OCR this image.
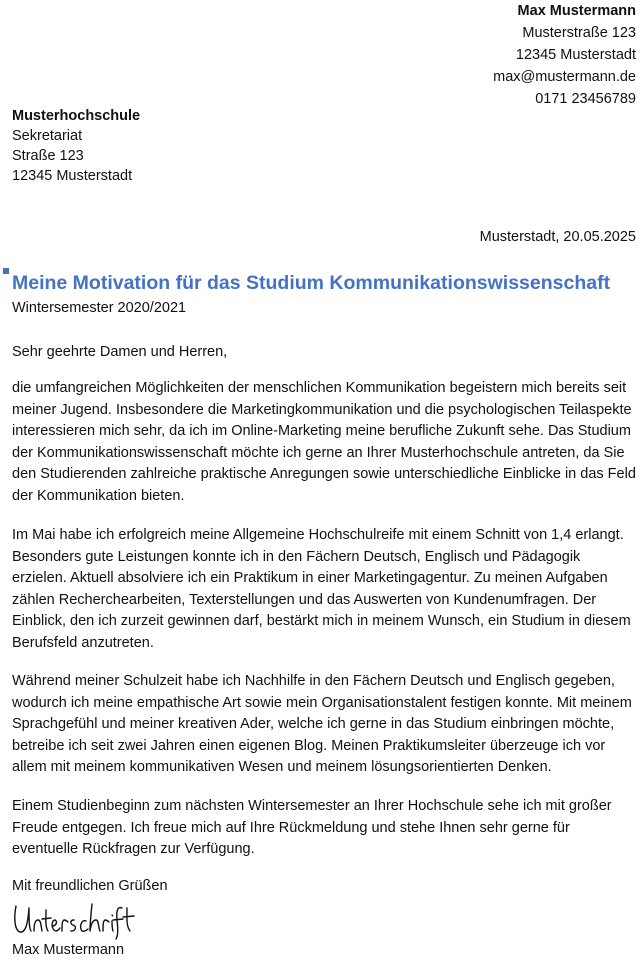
Max Mustermann
Musterstraße 123
12345 Musterstadt
max@mustermann.de
0171 23456789
Musterhochschule
Sekretariat
Straße 123
12345 Musterstadt
Musterstadt, 20.05.2025
Meine Motivation für das Studium Kommunikationswissenschaft
Wintersemester 2020/2021
Sehr geehrte Damen und Herren,
die umfangreichen Möglichkeiten der menschlichen Kommunikation begeistern mich bereits seit meiner Jugend. Insbesondere die Marketingkommunikation und die psychologischen Teilaspekte interessieren mich sehr, da ich im Online-Marketing meine berufliche Zukunft sehe. Das Studium der Kommunikationswissenschaft möchte ich gerne an Ihrer Musterhochschule antreten, da Sie den Studierenden zahlreiche praktische Anregungen sowie unterschiedliche Einblicke in das Feld der Kommunikation bieten.
Im Mai habe ich erfolgreich meine Allgemeine Hochschulreife mit einem Schnitt von 1,4 erlangt. Besonders gute Leistungen konnte ich in den Fächern Deutsch, Englisch und Pädagogik erzielen. Aktuell absolviere ich ein Praktikum in einer Marketingagentur. Zu meinen Aufgaben zählen Recherchearbeiten, Texterstellungen und das Auswerten von Kundenumfragen. Der Einblick, den ich zurzeit gewinnen darf, bestärkt mich in meinem Wunsch, ein Studium in diesem Berufsfeld anzutreten.
Während meiner Schulzeit habe ich Nachhilfe in den Fächern Deutsch und Englisch gegeben, wodurch ich meine empathische Art sowie mein Organisationstalent festigen konnte. Mit meinem Sprachgefühl und meiner kreativen Ader, welche ich gerne in das Studium einbringen möchte, betreibe ich seit zwei Jahren einen eigenen Blog. Meinen Praktikumsleiter überzeuge ich vor allem mit meinem kommunikativen Wesen und meinem lösungsorientierten Denken.
Einem Studienbeginn zum nächsten Wintersemester an Ihrer Hochschule sehe ich mit großer Freude entgegen. Ich freue mich auf Ihre Rückmeldung und stehe Ihnen sehr gerne für eventuelle Rückfragen zur Verfügung.
Mit freundlichen Grüßen
Max Mustermann
